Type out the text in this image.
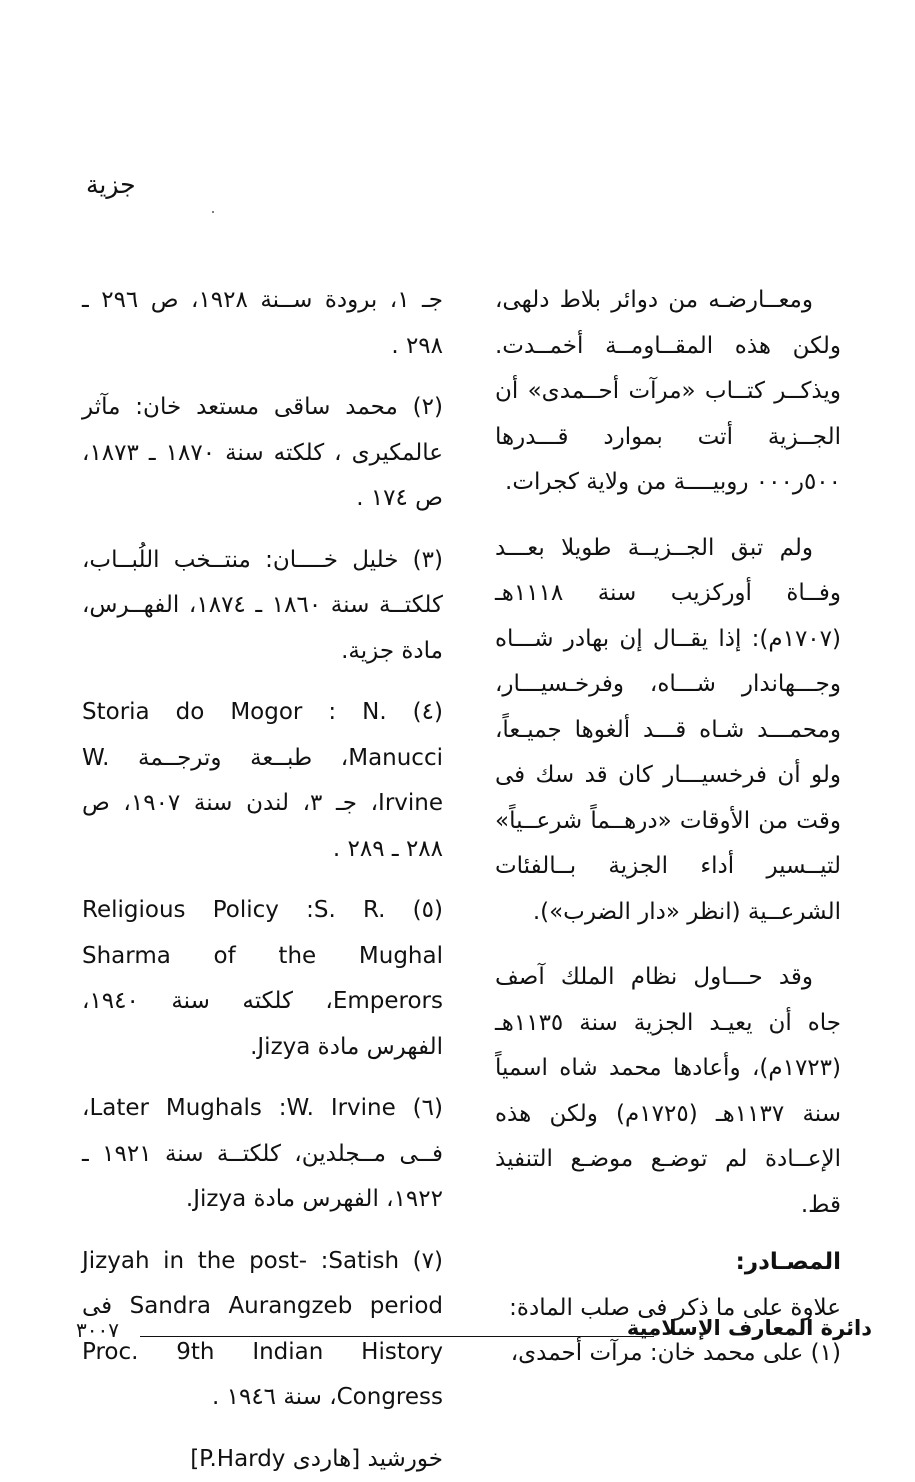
جزية

ومعــارضـه من دوائر بلاط دلهی، ولکن هذه المقــاومــة أخمــدت. ویذکــر کتــاب «مرآت أحــمدی» أن الجــزیة أتت بموارد قـــدرها ٥٠٠ر٠٠٠ روبیــــة من ولایة کجرات.

ولم تبق الجــزیــة طویلا بعـــد وفــاة أورکزیب سنة ١١١٨هـ (١٧٠٧م): إذا یقــال إن بهادر شـــاه وجـــهاندار شـــاه، وفرخـسیـــار، ومحمـــد شـاه قـــد ألغوها جمیـعاً، ولو أن فرخسیـــار کان قد سك فی وقت من الأوقات «درهــماً شرعــیاً» لتیــسیر أداء الجزیة بــالفئات الشرعــیة (انظر «دار الضرب»).

وقد حـــاول نظام الملك آصف جاه أن یعیـد الجزیة سنة ١١٣٥هـ (١٧٢٣م)، وأعادها محمد شاه اسمیاً سنة ١١٣٧هـ (١٧٢٥م) ولکن هذه الإعــادة لم توضـع موضـع التنفیذ قط.

المصـادر:

علاوة علی ما ذکر فی صلب المادة:

(١) علی محمد خان: مرآت أحمدی،

جـ ١، برودة ســنة ١٩٢٨، ص ٢٩٦ ـ ٢٩٨ .

(٢) محمد ساقی مستعد خان: مآثر عالمکیری ، کلکته سنة ١٨٧٠ ـ ١٨٧٣، ص ١٧٤ .

(٣) خلیل خــــان: منتــخب اللُبــاب، کلکتــة سنة ١٨٦٠ ـ ١٨٧٤، الفهــرس، مادة جزیة.

(٤) Storia do Mogor : N. Manucci، طبــعة وترجــمة W. Irvine، جـ ٣، لندن سنة ١٩٠٧، ص ٢٨٨ ـ ٢٨٩ .

(٥) Religious Policy :S. R. Sharma of the Mughal Emperors، کلکته سنة ١٩٤٠، الفهرس مادة Jizya.

(٦) Later Mughals :W. Irvine، فــی مــجلدین، کلکتــة سنة ١٩٢١ ـ ١٩٢٢، الفهرس مادة Jizya.

(٧) Jizyah in the post- :Satish Sandra Aurangzeb period فی Proc. 9th Indian History Congress، سنة ١٩٤٦ .

خورشید [هاردی P.Hardy]

دائرة المعارف الإسلامیة
٣٠٠٧
